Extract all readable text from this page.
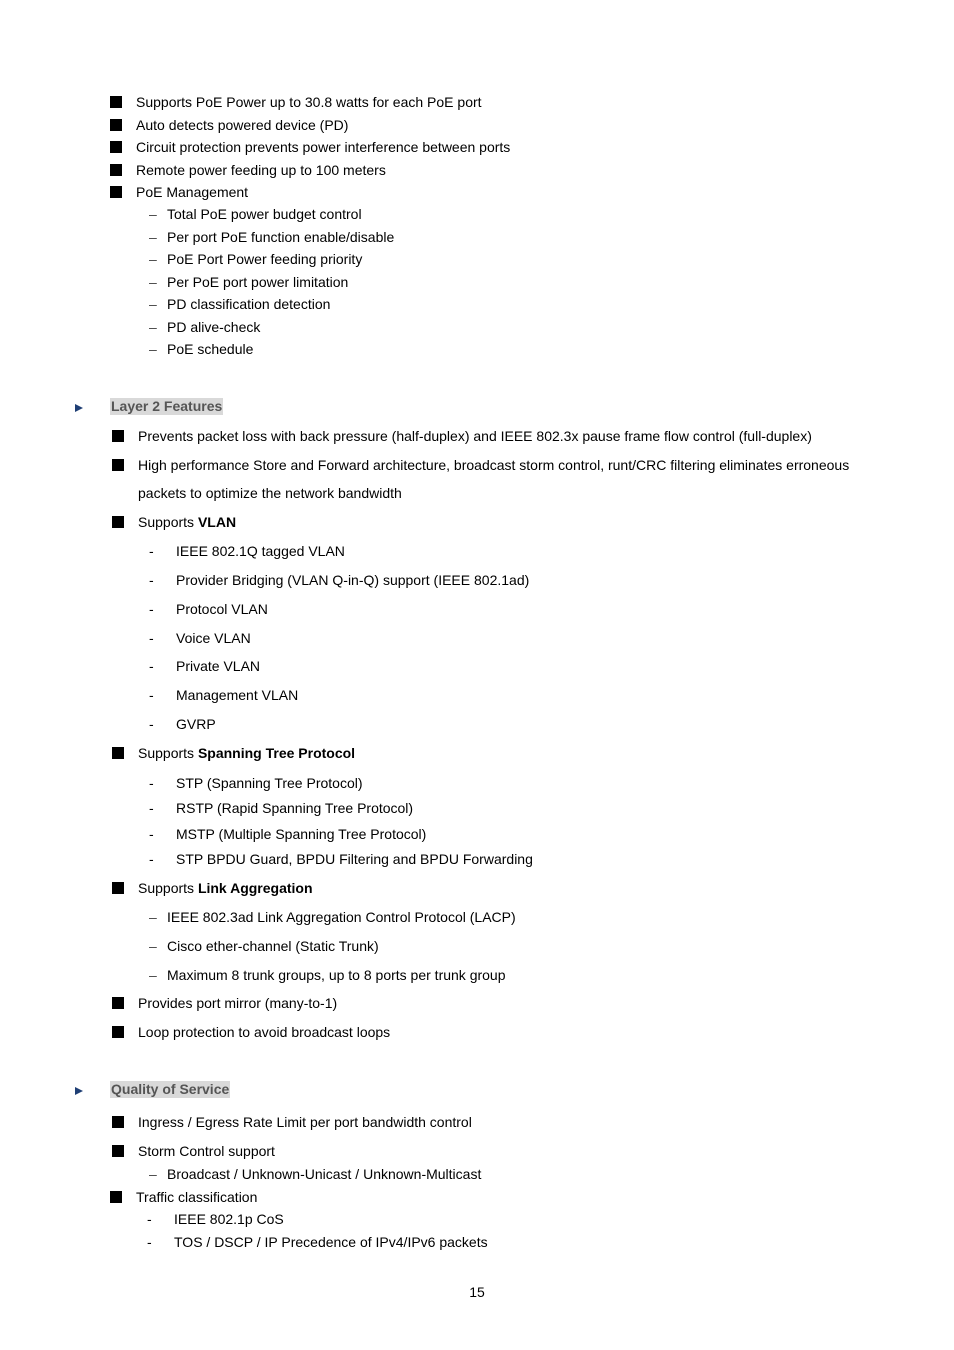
Supports PoE Power up to 30.8 watts for each PoE port
Auto detects powered device (PD)
Circuit protection prevents power interference between ports
Remote power feeding up to 100 meters
PoE Management
– Total PoE power budget control
– Per port PoE function enable/disable
– PoE Port Power feeding priority
– Per PoE port power limitation
– PD classification detection
– PD alive-check
– PoE schedule
Layer 2 Features
Prevents packet loss with back pressure (half-duplex) and IEEE 802.3x pause frame flow control (full-duplex)
High performance Store and Forward architecture, broadcast storm control, runt/CRC filtering eliminates erroneous
packets to optimize the network bandwidth
Supports VLAN
- IEEE 802.1Q tagged VLAN
- Provider Bridging (VLAN Q-in-Q) support (IEEE 802.1ad)
- Protocol VLAN
- Voice VLAN
- Private VLAN
- Management VLAN
- GVRP
Supports Spanning Tree Protocol
- STP (Spanning Tree Protocol)
- RSTP (Rapid Spanning Tree Protocol)
- MSTP (Multiple Spanning Tree Protocol)
- STP BPDU Guard, BPDU Filtering and BPDU Forwarding
Supports Link Aggregation
– IEEE 802.3ad Link Aggregation Control Protocol (LACP)
– Cisco ether-channel (Static Trunk)
– Maximum 8 trunk groups, up to 8 ports per trunk group
Provides port mirror (many-to-1)
Loop protection to avoid broadcast loops
Quality of Service
Ingress / Egress Rate Limit per port bandwidth control
Storm Control support
– Broadcast / Unknown-Unicast / Unknown-Multicast
Traffic classification
- IEEE 802.1p CoS
- TOS / DSCP / IP Precedence of IPv4/IPv6 packets
15
